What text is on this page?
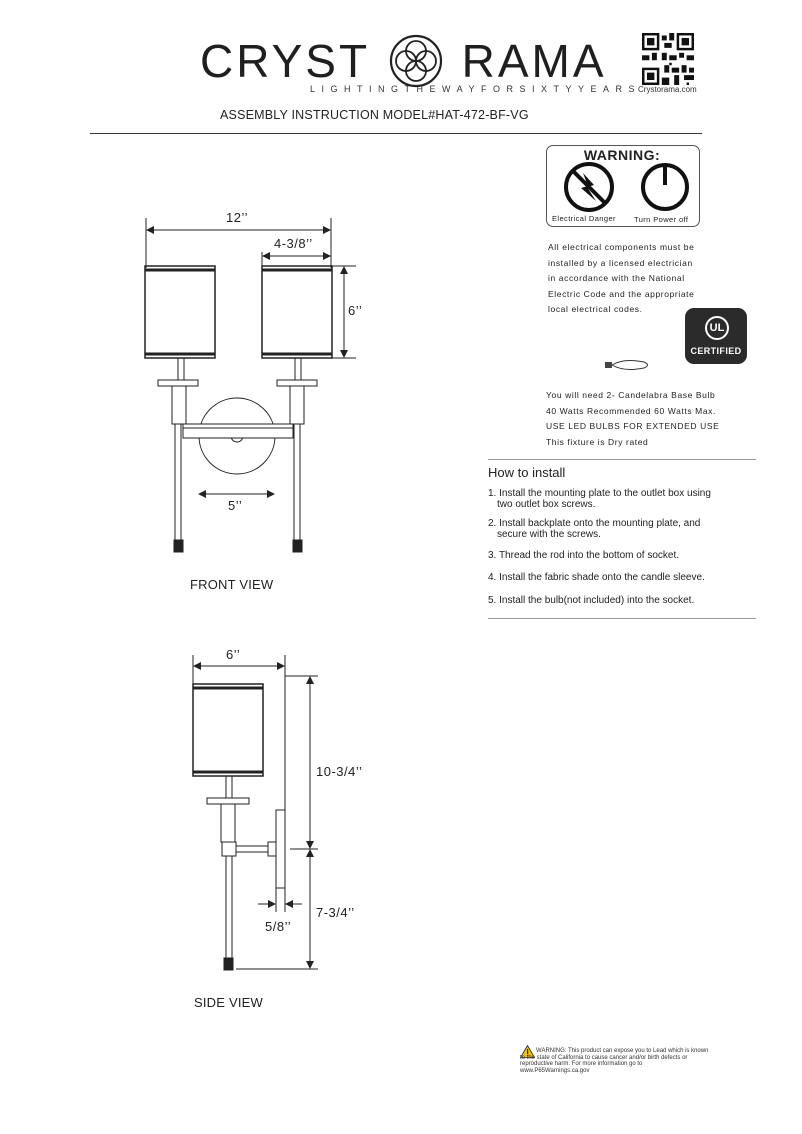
CRYST RAMA
LIGHTINGTHEWAYFORSIXTYYEARS
Crystorama.com
ASSEMBLY INSTRUCTION MODEL#HAT-472-BF-VG
WARNING:
Electrical Danger Turn Power off
All electrical components must be
installed by a licensed electrician
in accordance with the National
Electric Code and the appropriate
local electrical codes.
UL
CERTIFIED
You will need 2- Candelabra Base Bulb
40 Watts Recommended 60 Watts Max.
USE LED BULBS FOR EXTENDED USE
This fixture is Dry rated
How to install
1. Install the mounting plate to the outlet box using
two outlet box screws.
2. Install backplate onto the mounting plate, and
secure with the screws.
3. Thread the rod into the bottom of socket.
4. Install the fabric shade onto the candle sleeve.
5. Install the bulb(not included) into the socket.
12’’
4-3/8’’
6’’
5’’
FRONT VIEW
6’’
10-3/4’’
7-3/4’’
5/8’’
SIDE VIEW
WARNING: This product can expose you to Lead which is known to the state of California to cause cancer and/or birth defects or reproductive harm. For more information go to www.P65Warnings.ca.gov
